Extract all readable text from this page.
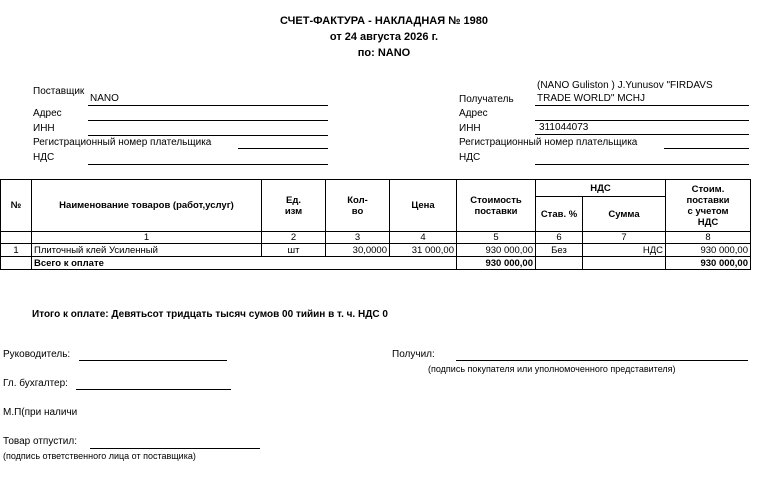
СЧЕТ-ФАКТУРА - НАКЛАДНАЯ № 1980
от 24 августа 2026 г.
по: NANO
Поставщик
NANO
Адрес
ИНН
Регистрационный номер плательщика
НДС
(NANO Guliston ) J.Yunusov "FIRDAVS
Получатель TRADE WORLD" MCHJ
Адрес
ИНН	311044073
Регистрационный номер плательщика
НДС
№	Наименование товаров (работ,услуг)	Ед.
изм	Кол-
во	Цена	Стоимость
поставки	НДС		Стоим.
поставки
с учетом
НДС
						Став. %	Сумма	
	1	2	3	4	5	6	7	8
1	Плиточный клей Усиленный	шт	30,0000	31 000,00	930 000,00	Без	НДС	930 000,00
	Всего к оплате				930 000,00			930 000,00
Итого к оплате: Девятьсот тридцать тысяч сумов 00 тийин в т. ч. НДС 0
Руководитель:
Гл. бухгалтер:
М.П(при наличи
Товар отпустил:
(подпись ответственного лица от поставщика)
Получил:
(подпись покупателя или уполномоченного представителя)
